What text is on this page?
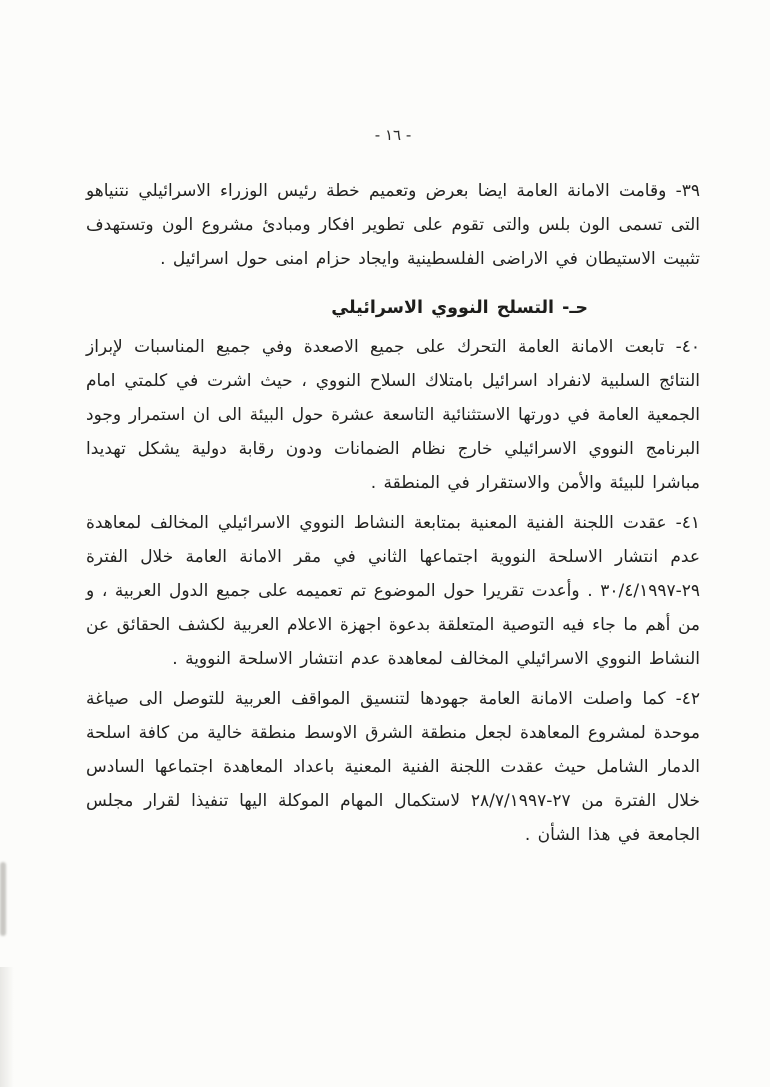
- ١٦ -

٣٩- وقامت الامانة العامة ايضا بعرض وتعميم خطة رئيس الوزراء الاسرائيلي نتنياهو التى تسمى الون بلس والتى تقوم على تطوير افكار ومبادئ مشروع الون وتستهدف تثبيت الاستيطان في الاراضى الفلسطينية وايجاد حزام امنى حول اسرائيل .

حـ- التسلح النووي الاسرائيلي

٤٠- تابعت الامانة العامة التحرك على جميع الاصعدة وفي جميع المناسبات لإبراز النتائج السلبية لانفراد اسرائيل بامتلاك السلاح النووي ، حيث اشرت في كلمتي امام الجمعية العامة في دورتها الاستثنائية التاسعة عشرة حول البيئة الى ان استمرار وجود البرنامج النووي الاسرائيلي خارج نظام الضمانات ودون رقابة دولية يشكل تهديدا مباشرا للبيئة والأمن والاستقرار في المنطقة .

٤١- عقدت اللجنة الفنية المعنية بمتابعة النشاط النووي الاسرائيلي المخالف لمعاهدة عدم انتشار الاسلحة النووية اجتماعها الثاني في مقر الامانة العامة خلال الفترة ٢٩-٣٠/٤/١٩٩٧ . وأعدت تقريرا حول الموضوع تم تعميمه على جميع الدول العربية ، و من أهم ما جاء فيه التوصية المتعلقة بدعوة اجهزة الاعلام العربية لكشف الحقائق عن النشاط النووي الاسرائيلي المخالف لمعاهدة عدم انتشار الاسلحة النووية .

٤٢- كما واصلت الامانة العامة جهودها لتنسيق المواقف العربية للتوصل الى صياغة موحدة لمشروع المعاهدة لجعل منطقة الشرق الاوسط منطقة خالية من كافة اسلحة الدمار الشامل حيث عقدت اللجنة الفنية المعنية باعداد المعاهدة اجتماعها السادس خلال الفترة من ٢٧-٢٨/٧/١٩٩٧ لاستكمال المهام الموكلة اليها تنفيذا لقرار مجلس الجامعة في هذا الشأن .
